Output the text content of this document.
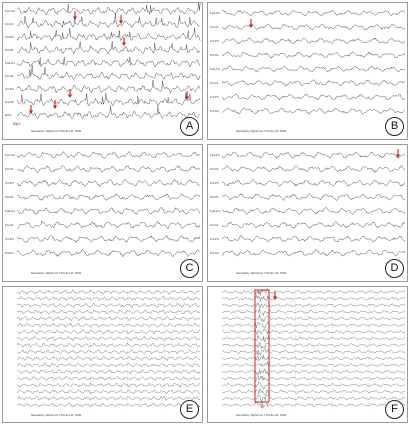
50µV
Sensitivity 10µV/mm TC0.3s HF 70Hz	A
Fp1-F3
F3-C3
C3-P3
P3-O1
Fp2-F4
F4-C4
C4-P4
P4-O2
ECG
Sensitivity 10µV/mm TC0.3s HF 70Hz	B
Fp1-F3
F3-C3
C3-P3
P3-O1
Fp2-F4
F4-C4
C4-P4
P4-O2
Sensitivity 10µV/mm TC0.3s HF 70Hz	C
Fp1-F3
F3-C3
C3-P3
P3-O1
Fp2-F4
F4-C4
C4-P4
P4-O2
Sensitivity 10µV/mm TC0.3s HF 70Hz	D
Fp1-F3
F3-C3
C3-P3
P3-O1
Fp2-F4
F4-C4
C4-P4
P4-O2
Sensitivity 10µV/mm TC0.3s HF 70Hz	E	Sensitivity 10µV/mm TC0.3s HF 70Hz	F
